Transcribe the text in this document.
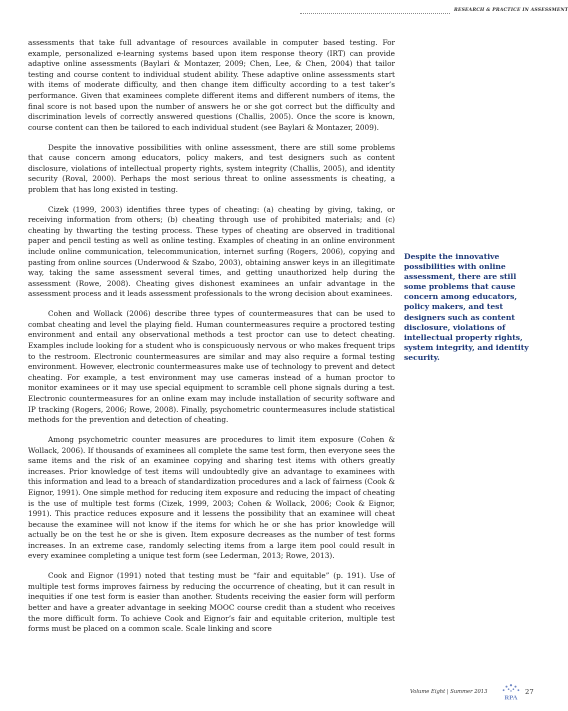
RESEARCH & PRACTICE IN ASSESSMENT

assessments that take full advantage of resources available in computer based testing. For example, personalized e-learning systems based upon item response theory (IRT) can provide adaptive online assessments (Baylari & Montazer, 2009; Chen, Lee, & Chen, 2004) that tailor testing and course content to individual student ability. These adaptive online assessments start with items of moderate difficulty, and then change item difficulty according to a test taker’s performance. Given that examinees complete different items and different numbers of items, the final score is not based upon the number of answers he or she got correct but the difficulty and discrimination levels of correctly answered questions (Challis, 2005). Once the score is known, course content can then be tailored to each individual student (see Baylari & Montazer, 2009).

Despite the innovative possibilities with online assessment, there are still some problems that cause concern among educators, policy makers, and test designers such as content disclosure, violations of intellectual property rights, system integrity (Challis, 2005), and identity security (Roval, 2000). Perhaps the most serious threat to online assessments is cheating, a problem that has long existed in testing.

Cizek (1999, 2003) identifies three types of cheating: (a) cheating by giving, taking, or receiving information from others; (b) cheating through use of prohibited materials; and (c) cheating by thwarting the testing process. These types of cheating are observed in traditional paper and pencil testing as well as online testing. Examples of cheating in an online environment include online communication, telecommunication, internet surfing (Rogers, 2006), copying and pasting from online sources (Underwood & Szabo, 2003), obtaining answer keys in an illegitimate way, taking the same assessment several times, and getting unauthorized help during the assessment (Rowe, 2008). Cheating gives dishonest examinees an unfair advantage in the assessment process and it leads assessment professionals to the wrong decision about examinees.

Cohen and Wollack (2006) describe three types of countermeasures that can be used to combat cheating and level the playing field. Human countermeasures require a proctored testing environment and entail any observational methods a test proctor can use to detect cheating. Examples include looking for a student who is conspicuously nervous or who makes frequent trips to the restroom. Electronic countermeasures are similar and may also require a formal testing environment. However, electronic countermeasures make use of technology to prevent and detect cheating. For example, a test environment may use cameras instead of a human proctor to monitor examinees or it may use special equipment to scramble cell phone signals during a test. Electronic countermeasures for an online exam may include installation of security software and IP tracking (Rogers, 2006; Rowe, 2008). Finally, psychometric countermeasures include statistical methods for the prevention and detection of cheating.

Among psychometric counter measures are procedures to limit item exposure (Cohen & Wollack, 2006). If thousands of examinees all complete the same test form, then everyone sees the same items and the risk of an examinee copying and sharing test items with others greatly increases. Prior knowledge of test items will undoubtedly give an advantage to examinees with this information and lead to a breach of standardization procedures and a lack of fairness (Cook & Eignor, 1991). One simple method for reducing item exposure and reducing the impact of cheating is the use of multiple test forms (Cizek, 1999, 2003; Cohen & Wollack, 2006; Cook & Eignor, 1991). This practice reduces exposure and it lessens the possibility that an examinee will cheat because the examinee will not know if the items for which he or she has prior knowledge will actually be on the test he or she is given. Item exposure decreases as the number of test forms increases. In an extreme case, randomly selecting items from a large item pool could result in every examinee completing a unique test form (see Lederman, 2013; Rowe, 2013).

Cook and Eignor (1991) noted that testing must be “fair and equitable” (p. 191). Use of multiple test forms improves fairness by reducing the occurrence of cheating, but it can result in inequities if one test form is easier than another. Students receiving the easier form will perform better and have a greater advantage in seeking MOOC course credit than a student who receives the more difficult form. To achieve Cook and Eignor’s fair and equitable criterion, multiple test forms must be placed on a common scale. Scale linking and score

Despite the innovative possibilities with online assessment, there are still some problems that cause concern among educators, policy makers, and test designers such as content disclosure, violations of intellectual property rights, system integrity, and identity security.
Volume Eight | Summer 2013
RPA
27
